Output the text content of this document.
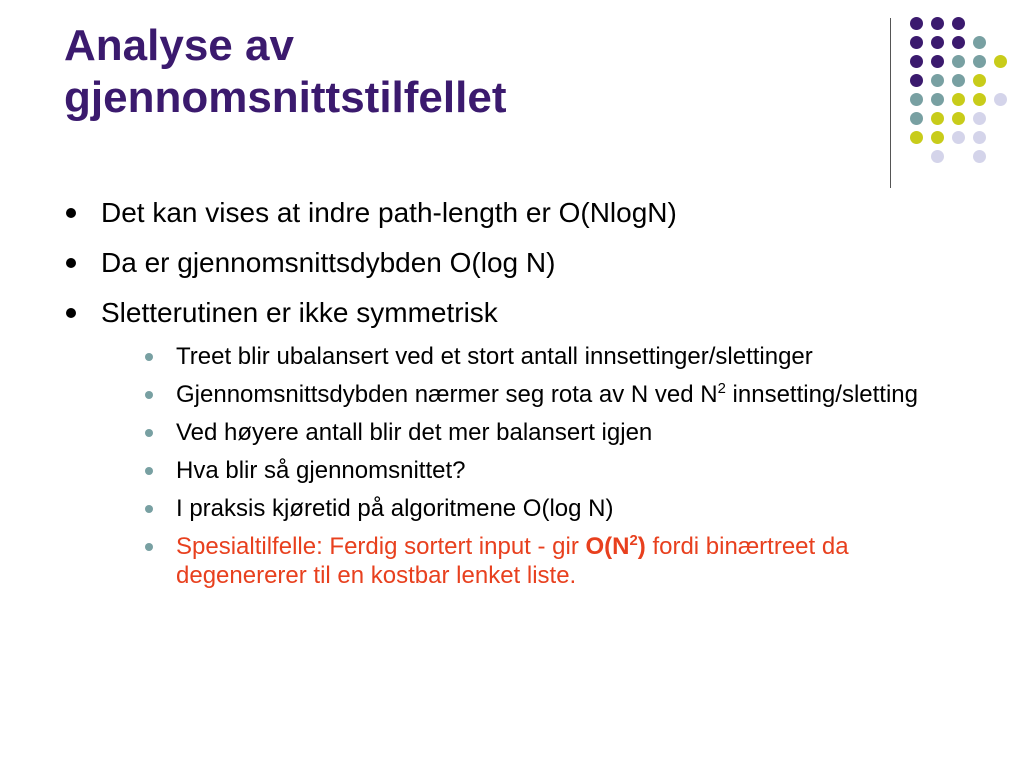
Analyse av
gjennomsnittstilfellet
Det kan vises at indre path-length er O(NlogN)
Da er gjennomsnittsdybden O(log N)
Sletterutinen er ikke symmetrisk
Treet blir ubalansert ved et stort antall innsettinger/slettinger
Gjennomsnittsdybden nærmer seg rota av N ved $N^2$ innsetting/sletting
Ved høyere antall blir det mer balansert igjen
Hva blir så gjennomsnittet?
I praksis kjøretid på algoritmene O(log N)
Spesialtilfelle: Ferdig sortert input - gir $O(N^2)$ fordi binærtreet da degenererer til en kostbar lenket liste.
